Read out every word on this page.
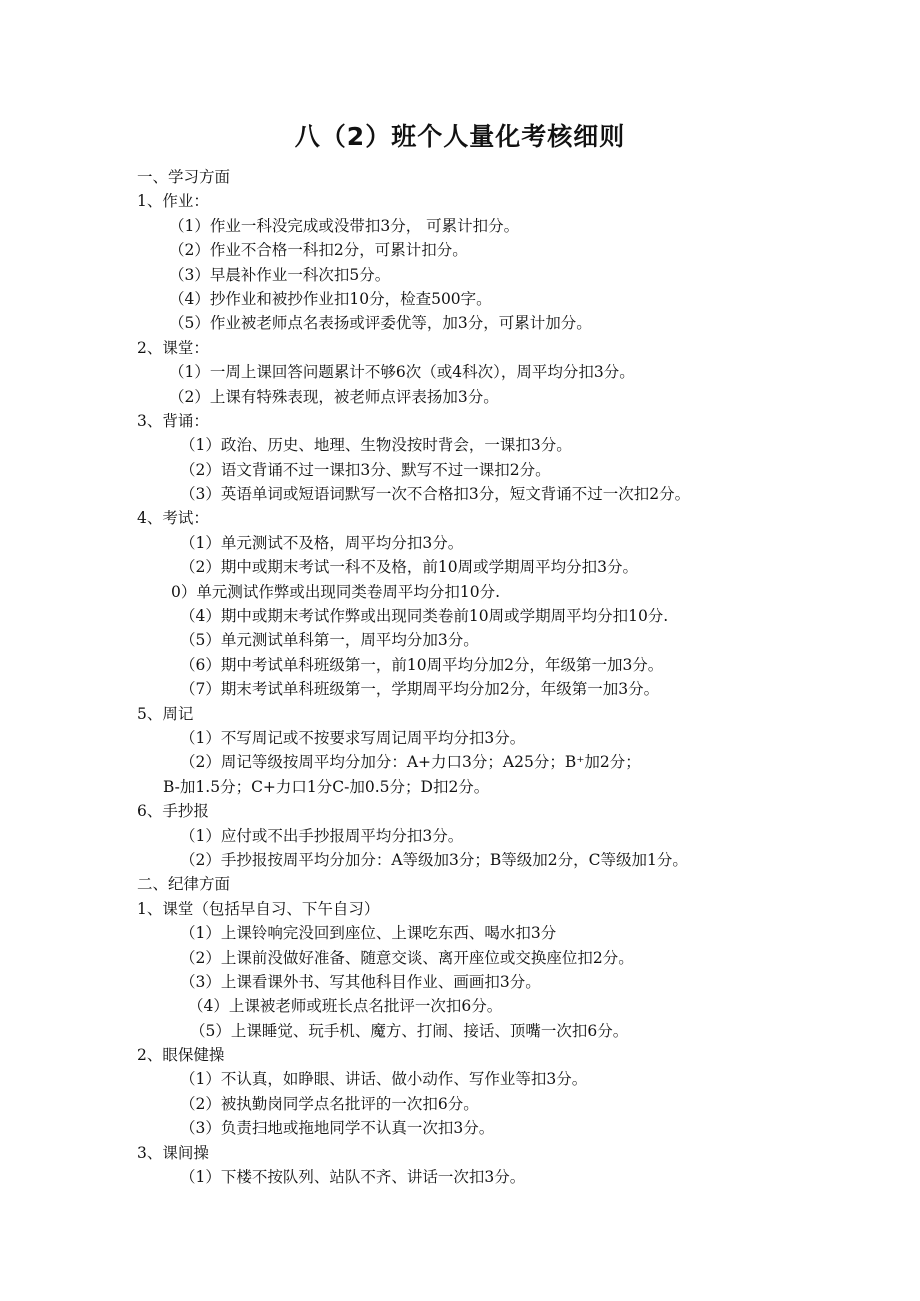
八（2）班个人量化考核细则
一、学习方面
1、作业：
（1）作业一科没完成或没带扣3分， 可累计扣分。
（2）作业不合格一科扣2分，可累计扣分。
（3）早晨补作业一科次扣5分。
（4）抄作业和被抄作业扣10分，检查500字。
（5）作业被老师点名表扬或评委优等，加3分，可累计加分。
2、课堂：
（1）一周上课回答问题累计不够6次（或4科次），周平均分扣3分。
（2）上课有特殊表现，被老师点评表扬加3分。
3、背诵：
（1）政治、历史、地理、生物没按时背会，一课扣3分。
（2）语文背诵不过一课扣3分、默写不过一课扣2分。
（3）英语单词或短语词默写一次不合格扣3分，短文背诵不过一次扣2分。
4、考试：
（1）单元测试不及格，周平均分扣3分。
（2）期中或期末考试一科不及格，前10周或学期周平均分扣3分。
0）单元测试作弊或出现同类卷周平均分扣10分.
（4）期中或期末考试作弊或出现同类卷前10周或学期周平均分扣10分.
（5）单元测试单科第一，周平均分加3分。
（6）期中考试单科班级第一，前10周平均分加2分，年级第一加3分。
（7）期末考试单科班级第一，学期周平均分加2分，年级第一加3分。
5、周记
（1）不写周记或不按要求写周记周平均分扣3分。
（2）周记等级按周平均分加分：A+力口3分；A25分；B⁺加2分；
B-加1.5分；C+力口1分C-加0.5分；D扣2分。
6、手抄报
（1）应付或不出手抄报周平均分扣3分。
（2）手抄报按周平均分加分：A等级加3分；B等级加2分，C等级加1分。
二、纪律方面
1、课堂（包括早自习、下午自习）
（1）上课铃响完没回到座位、上课吃东西、喝水扣3分
（2）上课前没做好准备、随意交谈、离开座位或交换座位扣2分。
（3）上课看课外书、写其他科目作业、画画扣3分。
（4）上课被老师或班长点名批评一次扣6分。
（5）上课睡觉、玩手机、魔方、打闹、接话、顶嘴一次扣6分。
2、眼保健操
（1）不认真，如睁眼、讲话、做小动作、写作业等扣3分。
（2）被执勤岗同学点名批评的一次扣6分。
（3）负责扫地或拖地同学不认真一次扣3分。
3、课间操
（1）下楼不按队列、站队不齐、讲话一次扣3分。
